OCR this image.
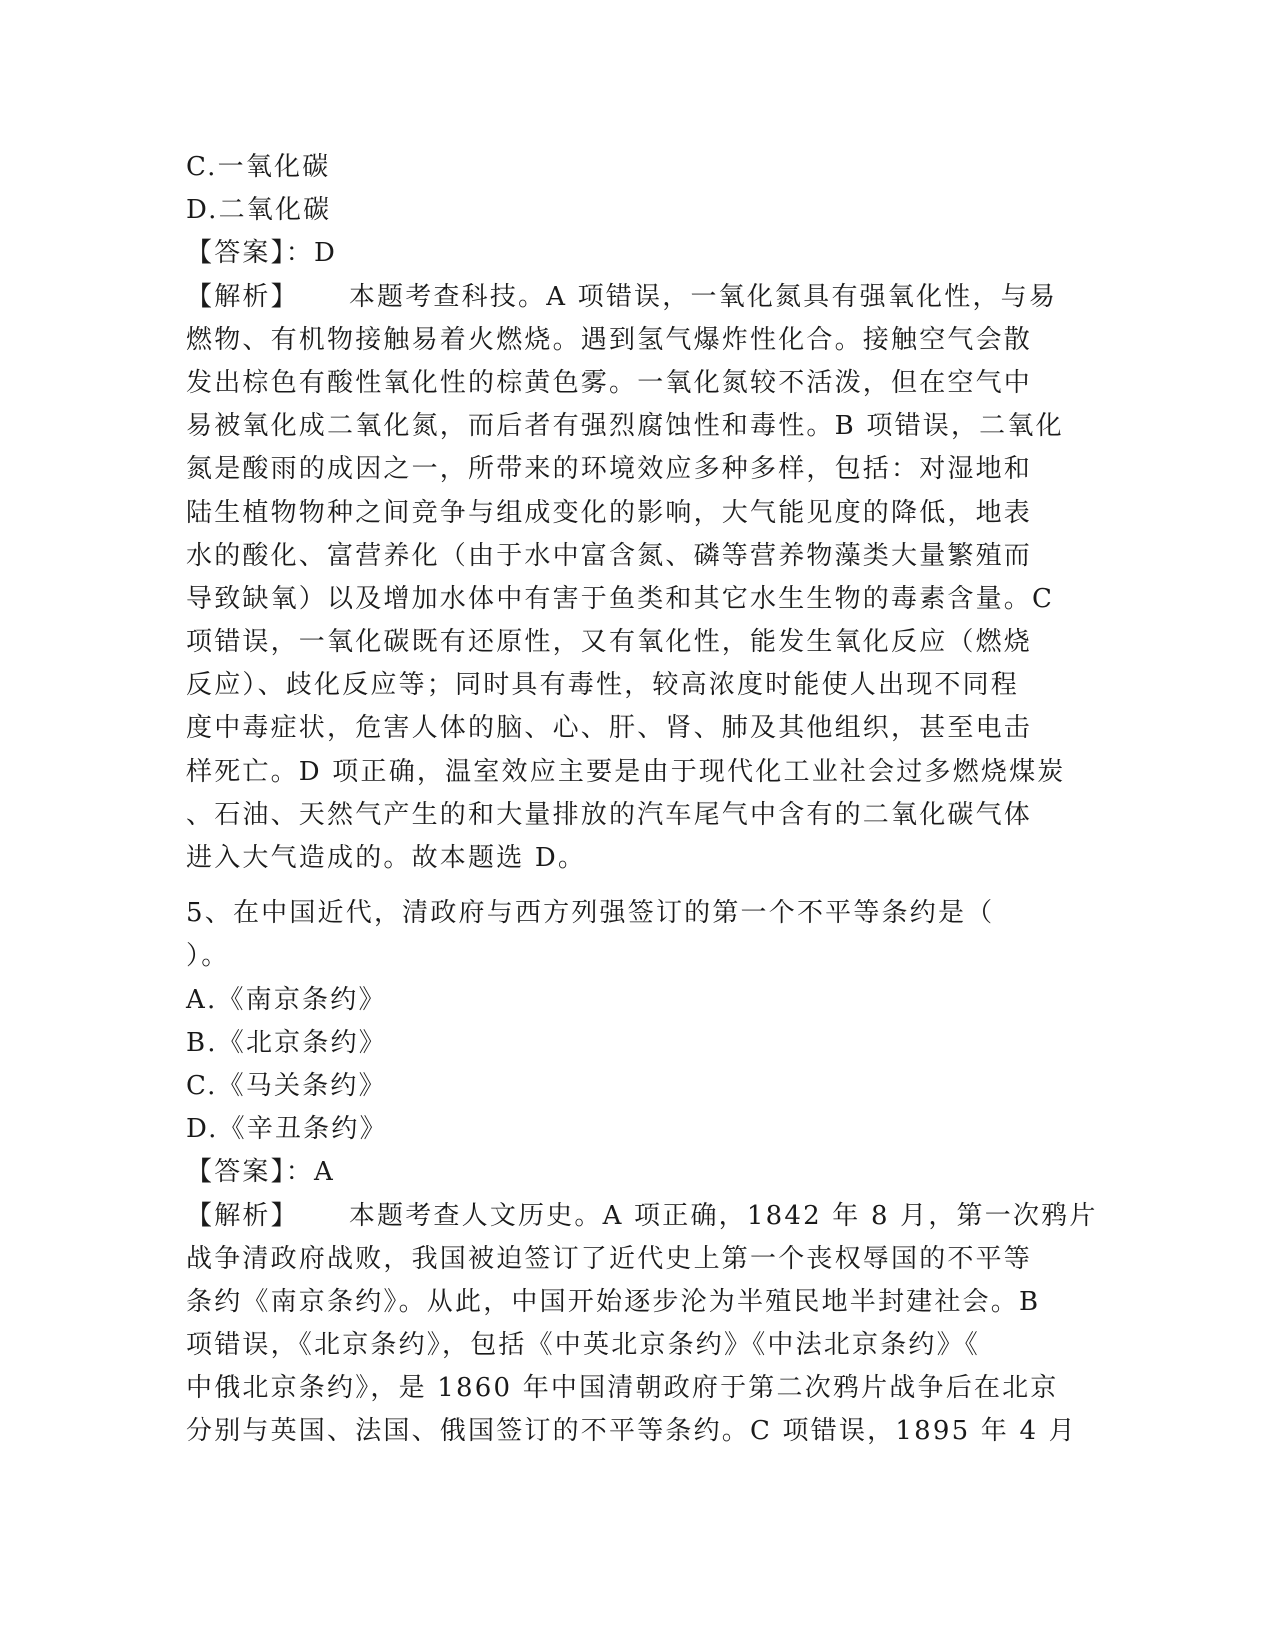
C.一氧化碳
D.二氧化碳
【答案】：D
【解析】 本题考查科技。A 项错误，一氧化氮具有强氧化性，与易
燃物、有机物接触易着火燃烧。遇到氢气爆炸性化合。接触空气会散
发出棕色有酸性氧化性的棕黄色雾。一氧化氮较不活泼，但在空气中
易被氧化成二氧化氮，而后者有强烈腐蚀性和毒性。B 项错误，二氧化
氮是酸雨的成因之一，所带来的环境效应多种多样，包括：对湿地和
陆生植物物种之间竞争与组成变化的影响，大气能见度的降低，地表
水的酸化、富营养化（由于水中富含氮、磷等营养物藻类大量繁殖而
导致缺氧）以及增加水体中有害于鱼类和其它水生生物的毒素含量。C
项错误，一氧化碳既有还原性，又有氧化性，能发生氧化反应（燃烧
反应）、歧化反应等；同时具有毒性，较高浓度时能使人出现不同程
度中毒症状，危害人体的脑、心、肝、肾、肺及其他组织，甚至电击
样死亡。D 项正确，温室效应主要是由于现代化工业社会过多燃烧煤炭
、石油、天然气产生的和大量排放的汽车尾气中含有的二氧化碳气体
进入大气造成的。故本题选 D。
5、在中国近代，清政府与西方列强签订的第一个不平等条约是（
）。
A.《南京条约》
B.《北京条约》
C.《马关条约》
D.《辛丑条约》
【答案】：A
【解析】 本题考查人文历史。A 项正确，1842 年 8 月，第一次鸦片
战争清政府战败，我国被迫签订了近代史上第一个丧权辱国的不平等
条约《南京条约》。从此，中国开始逐步沦为半殖民地半封建社会。B
项错误，《北京条约》，包括《中英北京条约》《中法北京条约》《
中俄北京条约》，是 1860 年中国清朝政府于第二次鸦片战争后在北京
分别与英国、法国、俄国签订的不平等条约。C 项错误，1895 年 4 月
